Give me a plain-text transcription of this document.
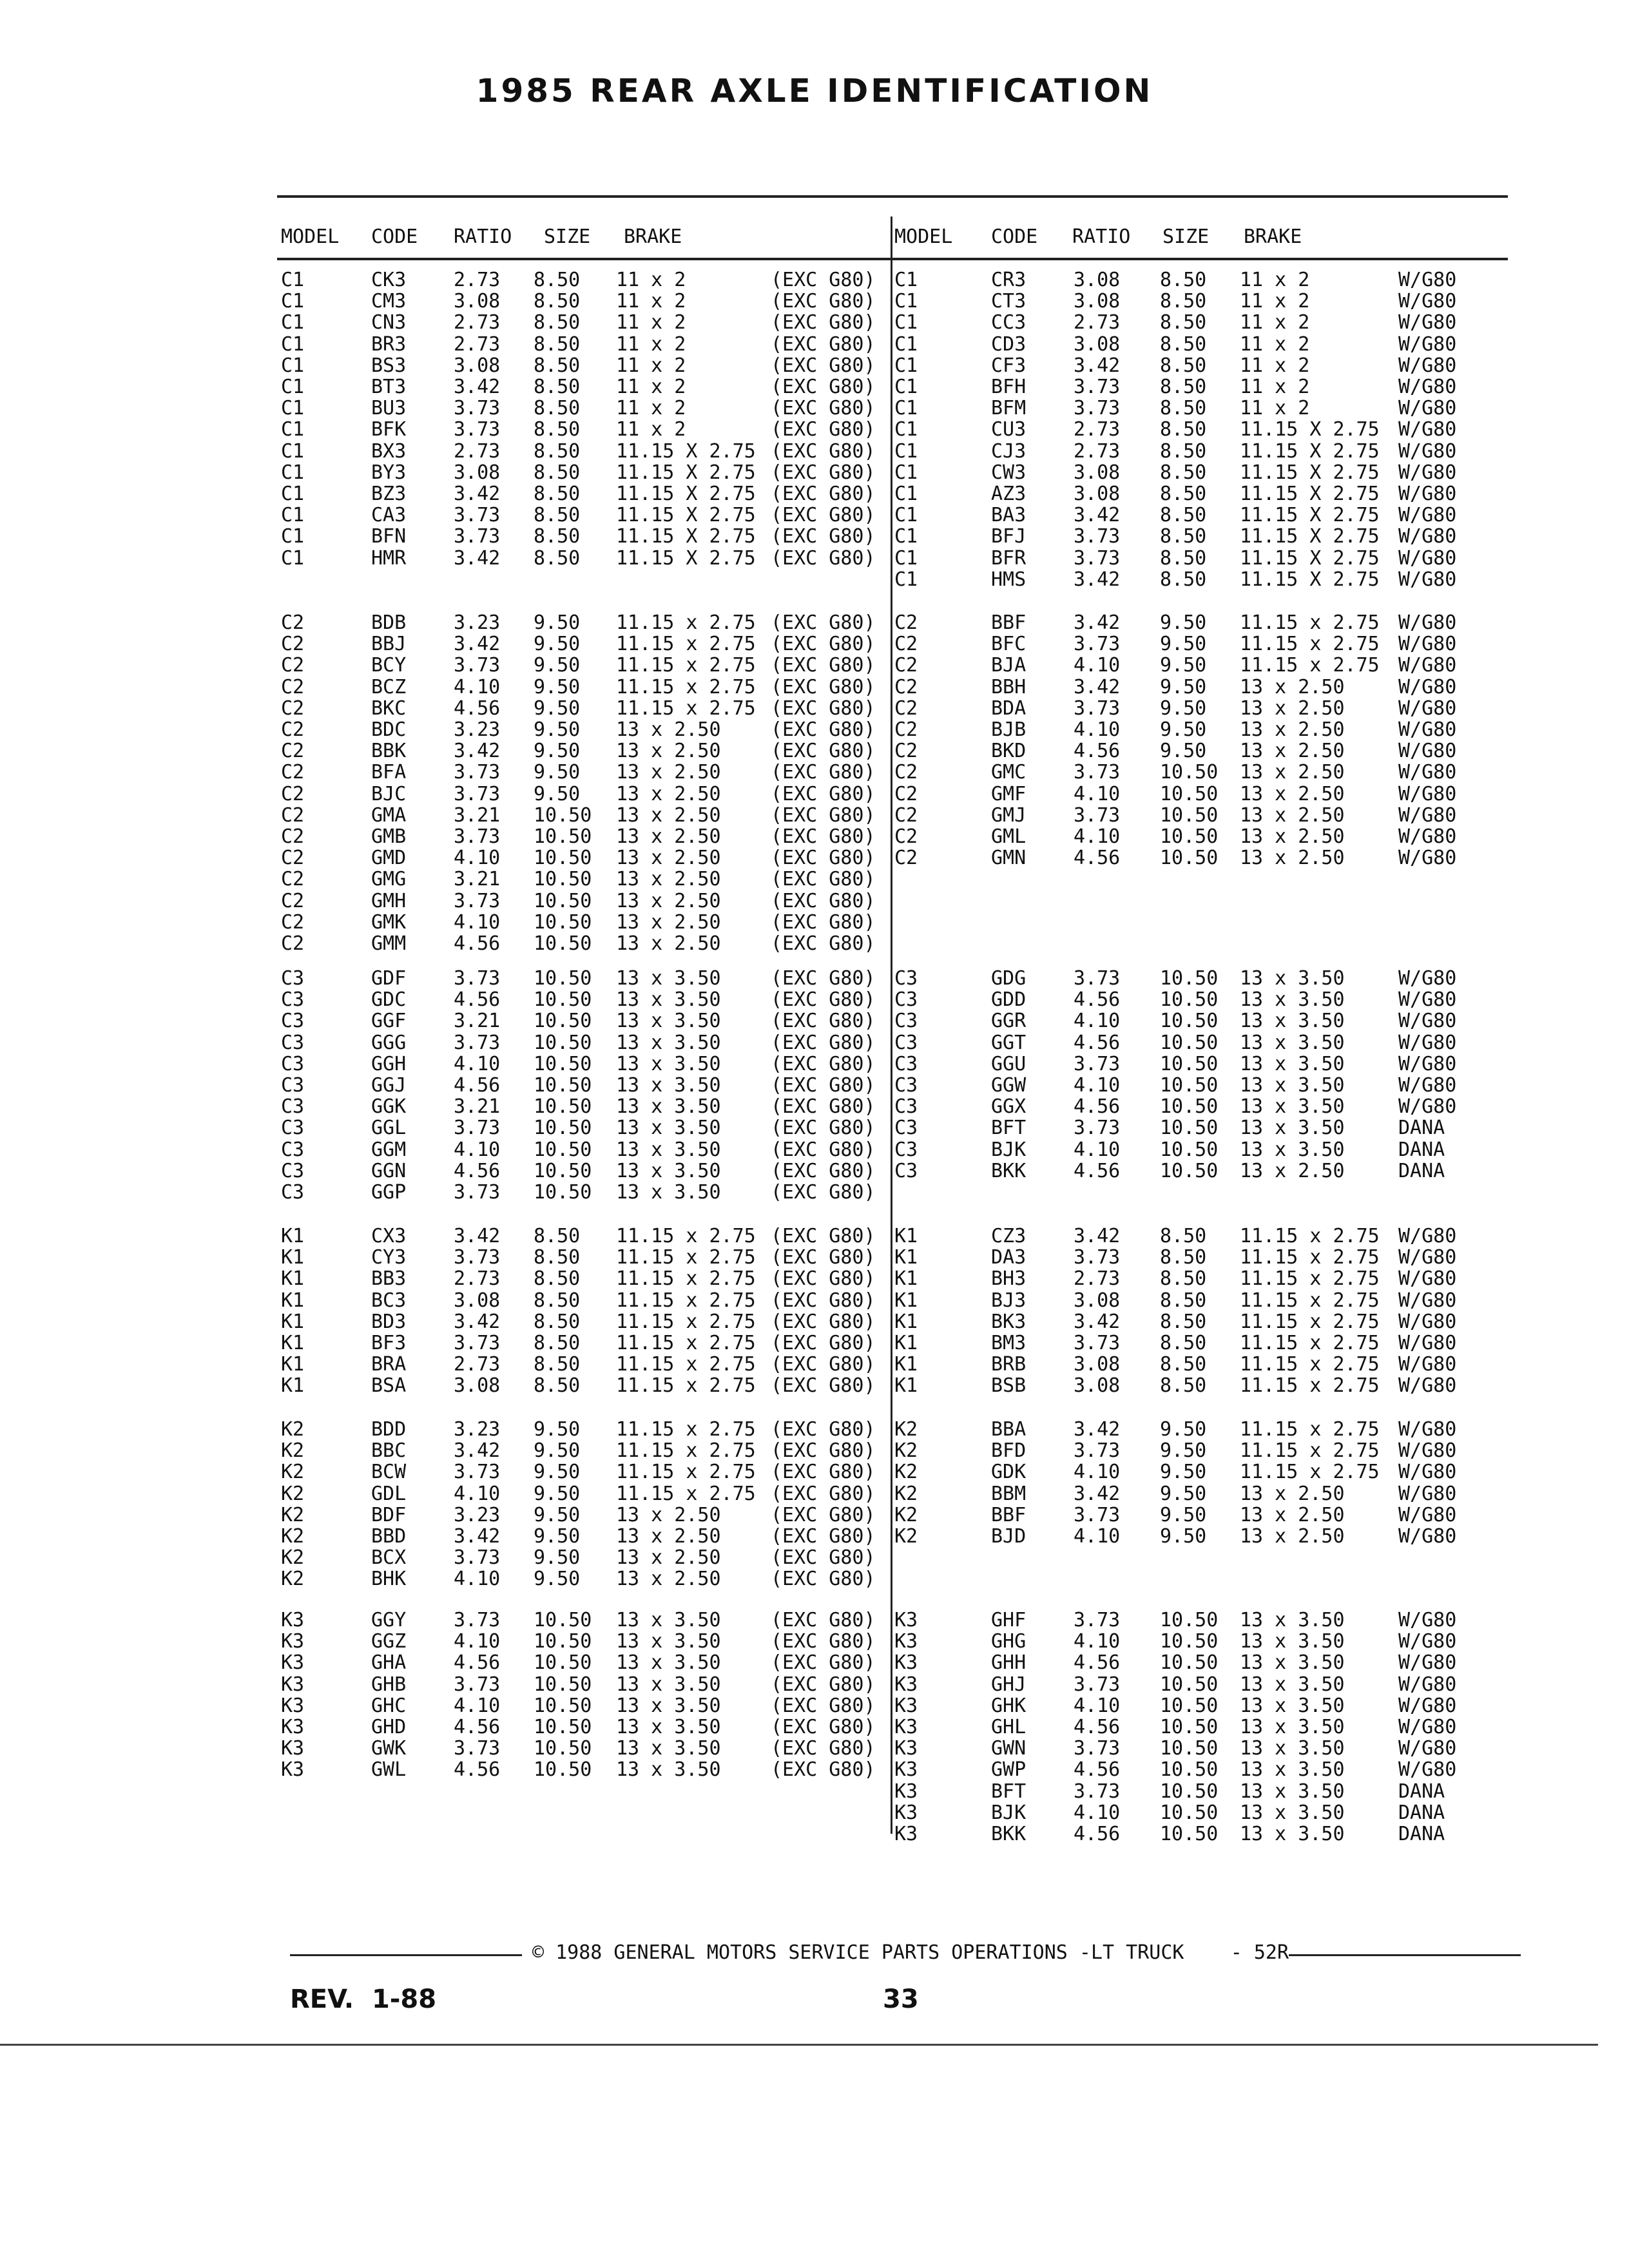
1985 REAR AXLE IDENTIFICATION
MODEL CODE RATIO SIZE BRAKE	MODEL CODE RATIO SIZE BRAKE
C1	CK3 2.73 8.50 11 x 2	(EXC G80)
C1	CM3 3.08 8.50 11 x 2	(EXC G80)
C1	CN3 2.73 8.50 11 x 2	(EXC G80)
C1	BR3 2.73 8.50 11 x 2	(EXC G80)
C1	BS3 3.08 8.50 11 x 2	(EXC G80)
C1	BT3 3.42 8.50 11 x 2	(EXC G80)
C1	BU3 3.73 8.50 11 x 2	(EXC G80)
C1	BFK 3.73 8.50 11 x 2	(EXC G80)
C1	BX3 2.73 8.50 11.15 X 2.75 (EXC G80)
C1	BY3 3.08 8.50 11.15 X 2.75 (EXC G80)
C1	BZ3 3.42 8.50 11.15 X 2.75 (EXC G80)
C1	CA3 3.73 8.50 11.15 X 2.75 (EXC G80)
C1	BFN 3.73 8.50 11.15 X 2.75 (EXC G80)
C1	HMR 3.42 8.50 11.15 X 2.75 (EXC G80)
C1	CR3 3.08 8.50 11 x 2	W/G80
C1	CT3 3.08 8.50 11 x 2	W/G80
C1	CC3 2.73 8.50 11 x 2	W/G80
C1	CD3 3.08 8.50 11 x 2	W/G80
C1	CF3 3.42 8.50 11 x 2	W/G80
C1	BFH 3.73 8.50 11 x 2	W/G80
C1	BFM 3.73 8.50 11 x 2	W/G80
C1	CU3 2.73 8.50 11.15 X 2.75 W/G80
C1	CJ3 2.73 8.50 11.15 X 2.75 W/G80
C1	CW3 3.08 8.50 11.15 X 2.75 W/G80
C1	AZ3 3.08 8.50 11.15 X 2.75 W/G80
C1	BA3 3.42 8.50 11.15 X 2.75 W/G80
C1	BFJ 3.73 8.50 11.15 X 2.75 W/G80
C1	BFR 3.73 8.50 11.15 X 2.75 W/G80
C1	HMS 3.42 8.50 11.15 X 2.75 W/G80
C2	BDB 3.23 9.50 11.15 x 2.75 (EXC G80)
C2	BBJ 3.42 9.50 11.15 x 2.75 (EXC G80)
C2	BCY 3.73 9.50 11.15 x 2.75 (EXC G80)
C2	BCZ 4.10 9.50 11.15 x 2.75 (EXC G80)
C2	BKC 4.56 9.50 11.15 x 2.75 (EXC G80)
C2	BDC 3.23 9.50 13 x 2.50	(EXC G80)
C2	BBK 3.42 9.50 13 x 2.50	(EXC G80)
C2	BFA 3.73 9.50 13 x 2.50	(EXC G80)
C2	BJC 3.73 9.50 13 x 2.50	(EXC G80)
C2	GMA 3.21 10.50 13 x 2.50	(EXC G80)
C2	GMB 3.73 10.50 13 x 2.50	(EXC G80)
C2	GMD 4.10 10.50 13 x 2.50	(EXC G80)
C2	GMG 3.21 10.50 13 x 2.50	(EXC G80)
C2	GMH 3.73 10.50 13 x 2.50	(EXC G80)
C2	GMK 4.10 10.50 13 x 2.50	(EXC G80)
C2	GMM 4.56 10.50 13 x 2.50	(EXC G80)
C2	BBF 3.42 9.50 11.15 x 2.75 W/G80
C2	BFC 3.73 9.50 11.15 x 2.75 W/G80
C2	BJA 4.10 9.50 11.15 x 2.75 W/G80
C2	BBH 3.42 9.50 13 x 2.50	W/G80
C2	BDA 3.73 9.50 13 x 2.50	W/G80
C2	BJB 4.10 9.50 13 x 2.50	W/G80
C2	BKD 4.56 9.50 13 x 2.50	W/G80
C2	GMC 3.73 10.50 13 x 2.50	W/G80
C2	GMF 4.10 10.50 13 x 2.50	W/G80
C2	GMJ 3.73 10.50 13 x 2.50	W/G80
C2	GML 4.10 10.50 13 x 2.50	W/G80
C2	GMN 4.56 10.50 13 x 2.50	W/G80
C3	GDF 3.73 10.50 13 x 3.50	(EXC G80)
C3	GDC 4.56 10.50 13 x 3.50	(EXC G80)
C3	GGF 3.21 10.50 13 x 3.50	(EXC G80)
C3	GGG 3.73 10.50 13 x 3.50	(EXC G80)
C3	GGH 4.10 10.50 13 x 3.50	(EXC G80)
C3	GGJ 4.56 10.50 13 x 3.50	(EXC G80)
C3	GGK 3.21 10.50 13 x 3.50	(EXC G80)
C3	GGL 3.73 10.50 13 x 3.50	(EXC G80)
C3	GGM 4.10 10.50 13 x 3.50	(EXC G80)
C3	GGN 4.56 10.50 13 x 3.50	(EXC G80)
C3	GGP 3.73 10.50 13 x 3.50	(EXC G80)
C3	GDG 3.73 10.50 13 x 3.50	W/G80
C3	GDD 4.56 10.50 13 x 3.50	W/G80
C3	GGR 4.10 10.50 13 x 3.50	W/G80
C3	GGT 4.56 10.50 13 x 3.50	W/G80
C3	GGU 3.73 10.50 13 x 3.50	W/G80
C3	GGW 4.10 10.50 13 x 3.50	W/G80
C3	GGX 4.56 10.50 13 x 3.50	W/G80
C3	BFT 3.73 10.50 13 x 3.50	DANA
C3	BJK 4.10 10.50 13 x 3.50	DANA
C3	BKK 4.56 10.50 13 x 2.50	DANA
K1	CX3 3.42 8.50 11.15 x 2.75 (EXC G80)
K1	CY3 3.73 8.50 11.15 x 2.75 (EXC G80)
K1	BB3 2.73 8.50 11.15 x 2.75 (EXC G80)
K1	BC3 3.08 8.50 11.15 x 2.75 (EXC G80)
K1	BD3 3.42 8.50 11.15 x 2.75 (EXC G80)
K1	BF3 3.73 8.50 11.15 x 2.75 (EXC G80)
K1	BRA 2.73 8.50 11.15 x 2.75 (EXC G80)
K1	BSA 3.08 8.50 11.15 x 2.75 (EXC G80)
K1	CZ3 3.42 8.50 11.15 x 2.75 W/G80
K1	DA3 3.73 8.50 11.15 x 2.75 W/G80
K1	BH3 2.73 8.50 11.15 x 2.75 W/G80
K1	BJ3 3.08 8.50 11.15 x 2.75 W/G80
K1	BK3 3.42 8.50 11.15 x 2.75 W/G80
K1	BM3 3.73 8.50 11.15 x 2.75 W/G80
K1	BRB 3.08 8.50 11.15 x 2.75 W/G80
K1	BSB 3.08 8.50 11.15 x 2.75 W/G80
K2	BDD 3.23 9.50 11.15 x 2.75 (EXC G80)
K2	BBC 3.42 9.50 11.15 x 2.75 (EXC G80)
K2	BCW 3.73 9.50 11.15 x 2.75 (EXC G80)
K2	GDL 4.10 9.50 11.15 x 2.75 (EXC G80)
K2	BDF 3.23 9.50 13 x 2.50	(EXC G80)
K2	BBD 3.42 9.50 13 x 2.50	(EXC G80)
K2	BCX 3.73 9.50 13 x 2.50	(EXC G80)
K2	BHK 4.10 9.50 13 x 2.50	(EXC G80)
K2	BBA 3.42 9.50 11.15 x 2.75 W/G80
K2	BFD 3.73 9.50 11.15 x 2.75 W/G80
K2	GDK 4.10 9.50 11.15 x 2.75 W/G80
K2	BBM 3.42 9.50 13 x 2.50	W/G80
K2	BBF 3.73 9.50 13 x 2.50	W/G80
K2	BJD 4.10 9.50 13 x 2.50	W/G80
K3	GGY 3.73 10.50 13 x 3.50	(EXC G80)
K3	GGZ 4.10 10.50 13 x 3.50	(EXC G80)
K3	GHA 4.56 10.50 13 x 3.50	(EXC G80)
K3	GHB 3.73 10.50 13 x 3.50	(EXC G80)
K3	GHC 4.10 10.50 13 x 3.50	(EXC G80)
K3	GHD 4.56 10.50 13 x 3.50	(EXC G80)
K3	GWK 3.73 10.50 13 x 3.50	(EXC G80)
K3	GWL 4.56 10.50 13 x 3.50	(EXC G80)
K3	GHF 3.73 10.50 13 x 3.50	W/G80
K3	GHG 4.10 10.50 13 x 3.50	W/G80
K3	GHH 4.56 10.50 13 x 3.50	W/G80
K3	GHJ 3.73 10.50 13 x 3.50	W/G80
K3	GHK 4.10 10.50 13 x 3.50	W/G80
K3	GHL 4.56 10.50 13 x 3.50	W/G80
K3	GWN 3.73 10.50 13 x 3.50	W/G80
K3	GWP 4.56 10.50 13 x 3.50	W/G80
K3	BFT 3.73 10.50 13 x 3.50	DANA
K3	BJK 4.10 10.50 13 x 3.50	DANA
K3	BKK 4.56 10.50 13 x 3.50	DANA
© 1988 GENERAL MOTORS SERVICE PARTS OPERATIONS -LT TRUCK    - 52R
REV.  1-88	33
